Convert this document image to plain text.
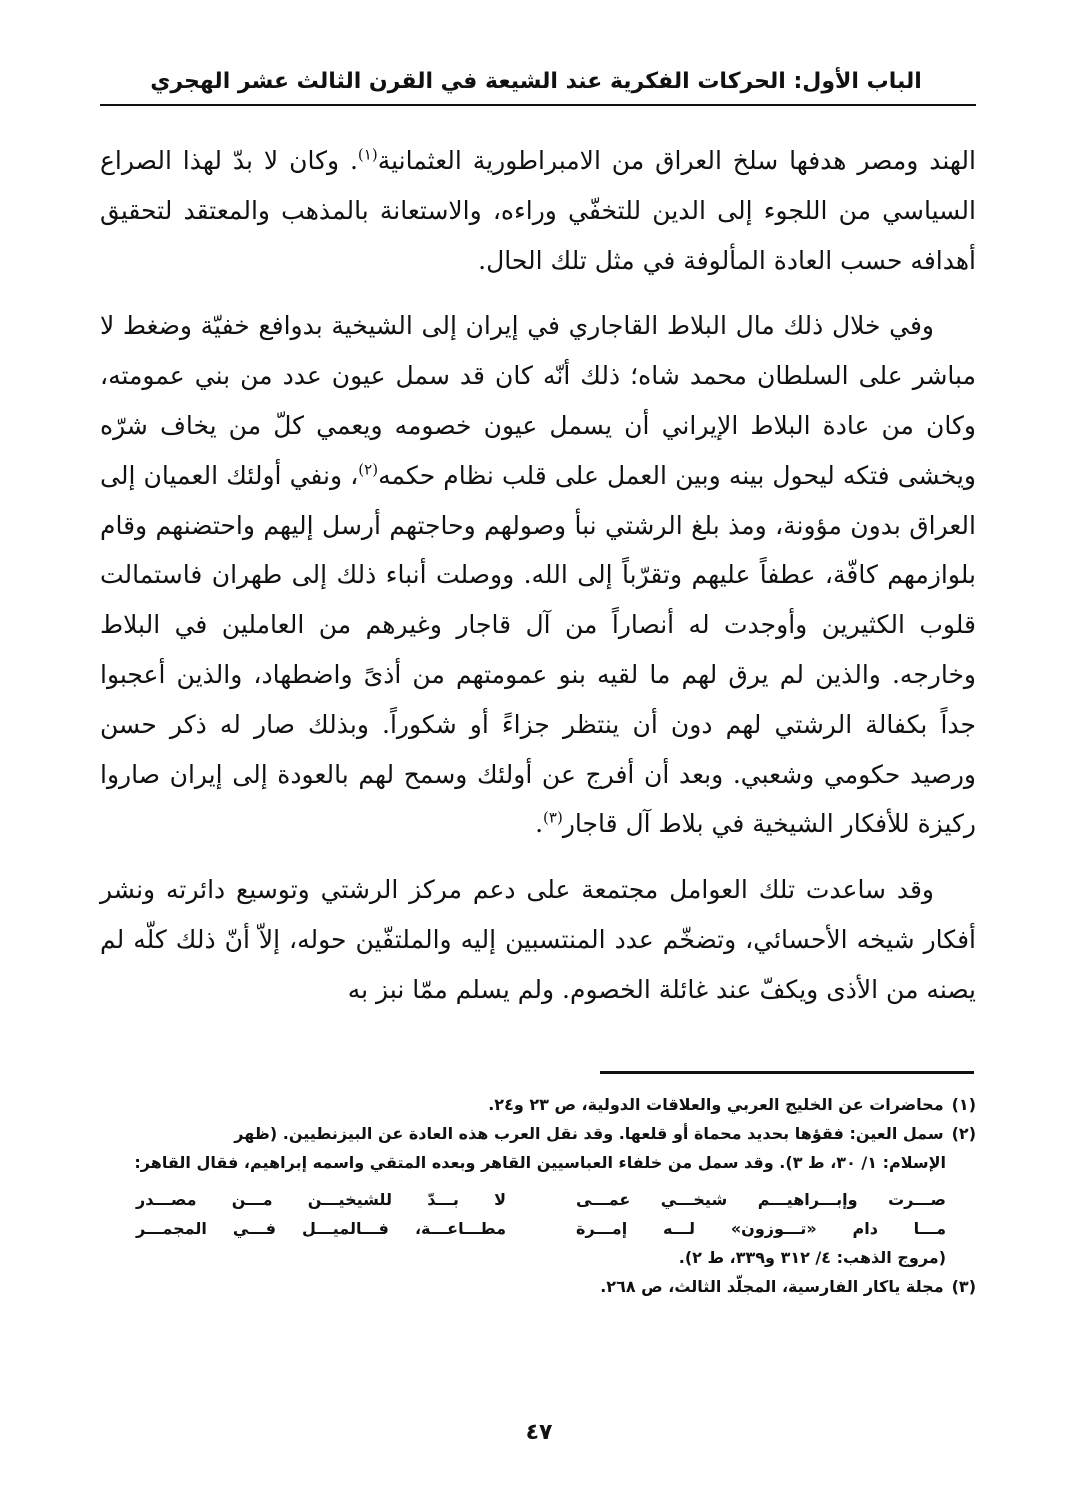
الباب الأول: الحركات الفكرية عند الشيعة في القرن الثالث عشر الهجري

الهند ومصر هدفها سلخ العراق من الامبراطورية العثمانية$^{(١)}$. وكان لا بدّ لهذا الصراع السياسي من اللجوء إلى الدين للتخفّي وراءه، والاستعانة بالمذهب والمعتقد لتحقيق أهدافه حسب العادة المألوفة في مثل تلك الحال.

وفي خلال ذلك مال البلاط القاجاري في إيران إلى الشيخية بدوافع خفيّة وضغط لا مباشر على السلطان محمد شاه؛ ذلك أنّه كان قد سمل عيون عدد من بني عمومته، وكان من عادة البلاط الإيراني أن يسمل عيون خصومه ويعمي كلّ من يخاف شرّه ويخشى فتكه ليحول بينه وبين العمل على قلب نظام حكمه$^{(٢)}$، ونفي أولئك العميان إلى العراق بدون مؤونة، ومذ بلغ الرشتي نبأ وصولهم وحاجتهم أرسل إليهم واحتضنهم وقام بلوازمهم كافّة، عطفاً عليهم وتقرّباً إلى الله. ووصلت أنباء ذلك إلى طهران فاستمالت قلوب الكثيرين وأوجدت له أنصاراً من آل قاجار وغيرهم من العاملين في البلاط وخارجه. والذين لم يرق لهم ما لقيه بنو عمومتهم من أذىً واضطهاد، والذين أعجبوا جداً بكفالة الرشتي لهم دون أن ينتظر جزاءً أو شكوراً. وبذلك صار له ذكر حسن ورصيد حكومي وشعبي. وبعد أن أفرج عن أولئك وسمح لهم بالعودة إلى إيران صاروا ركيزة للأفكار الشيخية في بلاط آل قاجار$^{(٣)}$.

وقد ساعدت تلك العوامل مجتمعة على دعم مركز الرشتي وتوسيع دائرته ونشر أفكار شيخه الأحسائي، وتضخّم عدد المنتسبين إليه والملتفّين حوله، إلاّ أنّ ذلك كلّه لم يصنه من الأذى ويكفّ عند غائلة الخصوم. ولم يسلم ممّا نبز به

(١)محاضرات عن الخليج العربي والعلاقات الدولية، ص ٢٣ و٢٤.

(٢)سمل العين: فقؤها بحديد محماة أو قلعها. وقد نقل العرب هذه العادة عن البيزنطيين. (ظهر

الإسلام: ١/ ٣٠، ط ٣). وقد سمل من خلفاء العباسيين القاهر وبعده المتقي واسمه إبراهيم، فقال القاهر:

صـــرت وإبـــراهيـــم شيخـــي عمـــى
لا بـــدّ للشيخيـــن مـــن مصـــدر
مـــا دام «تـــوزون» لـــه إمـــرة
مطـــاعـــة، فـــالميـــل فـــي المجمـــر

(مروج الذهب: ٤/ ٣١٢ و٣٣٩، ط ٢).

(٣)مجلة ياكار الفارسية، المجلّد الثالث، ص ٢٦٨.

٤٧
